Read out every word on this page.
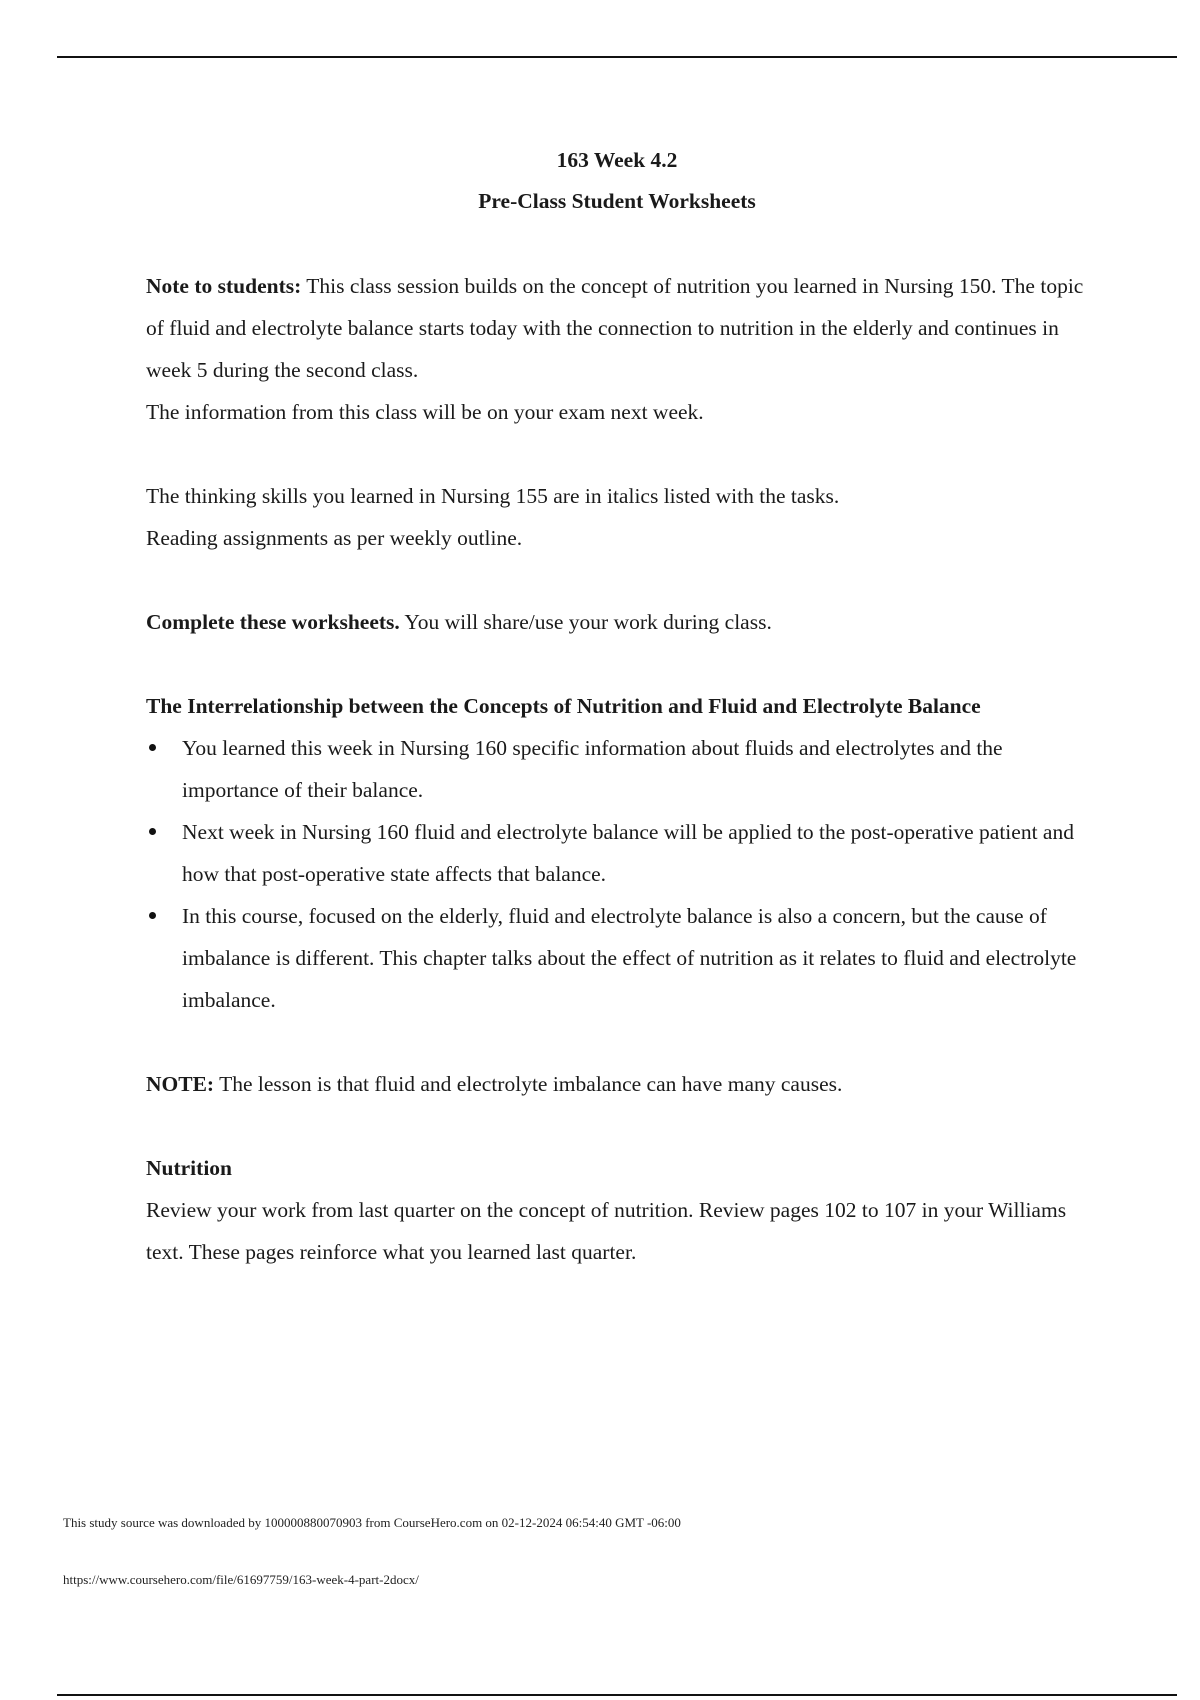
163 Week 4.2
Pre-Class Student Worksheets

Note to students: This class session builds on the concept of nutrition you learned in Nursing 150. The topic of fluid and electrolyte balance starts today with the connection to nutrition in the elderly and continues in week 5 during the second class.

The information from this class will be on your exam next week.

The thinking skills you learned in Nursing 155 are in italics listed with the tasks.

Reading assignments as per weekly outline.

Complete these worksheets. You will share/use your work during class.

The Interrelationship between the Concepts of Nutrition and Fluid and Electrolyte Balance

You learned this week in Nursing 160 specific information about fluids and electrolytes and the importance of their balance.
Next week in Nursing 160 fluid and electrolyte balance will be applied to the post-operative patient and how that post-operative state affects that balance.
In this course, focused on the elderly, fluid and electrolyte balance is also a concern, but the cause of imbalance is different. This chapter talks about the effect of nutrition as it relates to fluid and electrolyte imbalance.

NOTE: The lesson is that fluid and electrolyte imbalance can have many causes.

Nutrition

Review your work from last quarter on the concept of nutrition. Review pages 102 to 107 in your Williams text. These pages reinforce what you learned last quarter.

This study source was downloaded by 100000880070903 from CourseHero.com on 02-12-2024 06:54:40 GMT -06:00
https://www.coursehero.com/file/61697759/163-week-4-part-2docx/
